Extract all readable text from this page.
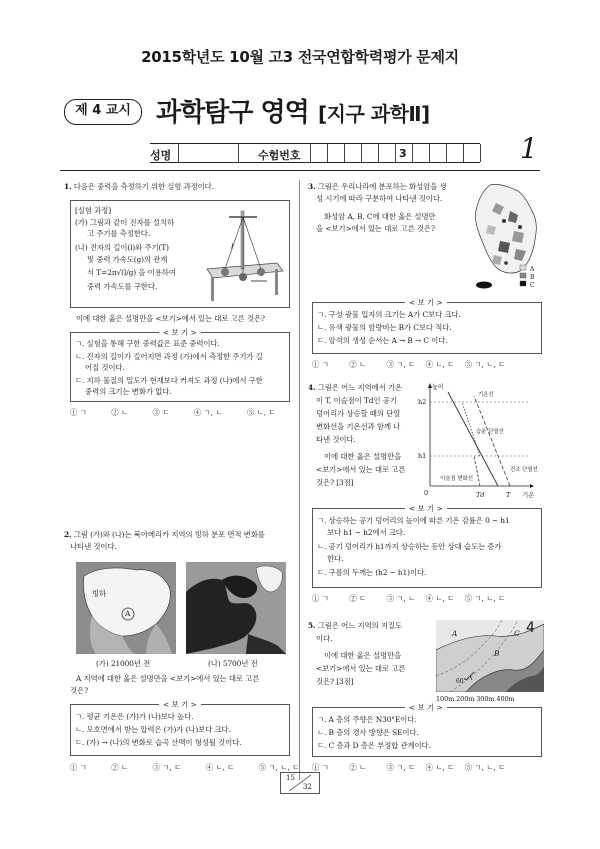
2015학년도 10월 고3 전국연합학력평가 문제지
제 4 교시 과학탐구 영역 [지구 과학Ⅱ]
성명	수험번호	3	1
1. 다음은 중력을 측정하기 위한 실험 과정이다.
[실험 과정]
(가) 그림과 같이 진자를 설치하
고 주기를 측정한다.
(나) 진자의 길이(l)와 주기(T)
및 중력 가속도(g)의 관계
식 T=2π√(l/g) 을 이용하여
중력 가속도를 구한다.
l
이에 대한 옳은 설명만을 <보기>에서 있는 대로 고른 것은?
< 보 기 >
ㄱ. 실험을 통해 구한 중력값은 표준 중력이다.
ㄴ. 진자의 길이가 길어지면 과정 (가)에서 측정한 주기가 길
어질 것이다.
ㄷ. 지하 물질의 밀도가 현재보다 커져도 과정 (나)에서 구한
중력의 크기는 변화가 없다.
① ㄱ	② ㄴ	③ ㄷ	④ ㄱ, ㄴ	⑤ ㄴ, ㄷ
2. 그림 (가)와 (나)는 북아메리카 지역의 빙하 분포 면적 변화를
나타낸 것이다.
빙하
A
(가) 21000년 전	(나) 5700년 전
A 지역에 대한 옳은 설명만을 <보기>에서 있는 대로 고른
것은?
< 보 기 >
ㄱ. 평균 기온은 (가)가 (나)보다 높다.
ㄴ. 모호면에서 받는 압력은 (가)가 (나)보다 크다.
ㄷ. (가) → (나)의 변화로 습곡 산맥이 형성될 것이다.
① ㄱ	② ㄴ	③ ㄱ, ㄷ	④ ㄴ, ㄷ	⑤ ㄱ, ㄴ, ㄷ
3. 그림은 우리나라에 분포하는 화성암을 생
성 시기에 따라 구분하여 나타낸 것이다.
화성암 A, B, C에 대한 옳은 설명만
을 <보기>에서 있는 대로 고른 것은?
A
B
C
< 보 기 >
ㄱ. 구성 광물 입자의 크기는 A가 C보다 크다.
ㄴ. 유색 광물의 함량비는 B가 C보다 적다.
ㄷ. 암석의 생성 순서는 A → B → C 이다.
① ㄱ	② ㄴ	③ ㄱ, ㄷ ④ ㄴ, ㄷ ⑤ ㄱ, ㄴ, ㄷ
4. 그림은 어느 지역에서 기온
이 T, 이슬점이 Td인 공기
덩어리가 상승할 때의 단열
변화선을 기온선과 함께 나
타낸 것이다.
이에 대한 옳은 설명만을
<보기>에서 있는 대로 고른
것은? [3점]
높이
기온
h2
h1
0	Td	T
기온선
습윤 단열선
건조 단열선
이슬점 변화선
< 보 기 >
ㄱ. 상승하는 공기 덩어리의 높이에 따른 기온 감률은 0 ~ h1
보다 h1 ~ h2에서 크다.
ㄴ. 공기 덩어리가 h1까지 상승하는 동안 상대 습도는 증가
한다.
ㄷ. 구름의 두께는 (h2 − h1)이다.
① ㄱ	② ㄷ	③ ㄱ, ㄴ ④ ㄴ, ㄷ ⑤ ㄱ, ㄴ, ㄷ
5. 그림은 어느 지역의 지질도
이다.
이에 대한 옳은 설명만을
<보기>에서 있는 대로 고른
것은? [3점]
A
B
C 4
60°
100m 200m 300m 400m
< 보 기 >
ㄱ. A 층의 주향은 N30°E이다.
ㄴ. B 층의 경사 방향은 SE이다.
ㄷ. C 층과 D 층은 부정합 관계이다.
① ㄱ	② ㄴ	③ ㄱ, ㄷ ④ ㄴ, ㄷ ⑤ ㄱ, ㄴ, ㄷ
15
32
